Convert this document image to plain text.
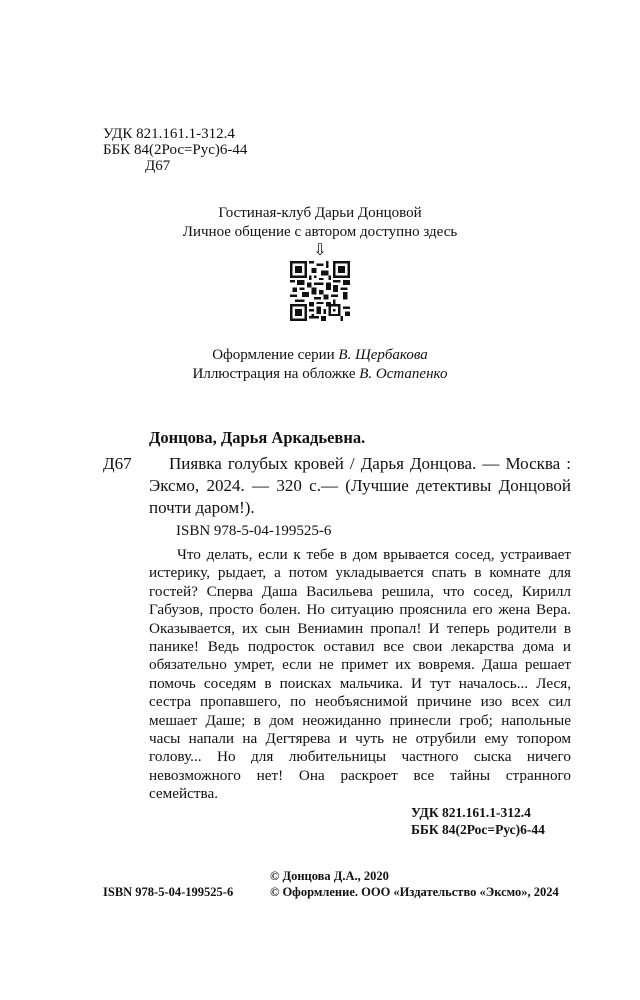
УДК 821.161.1-312.4
ББК 84(2Рос=Рус)6-44
Д67
Гостиная-клуб Дарьи Донцовой
Личное общение с автором доступно здесь
⇩
Оформление серии В. Щербакова
Иллюстрация на обложке В. Остапенко
Донцова, Дарья Аркадьевна.
Д67	Пиявка голубых кровей / Дарья Донцова. — Москва : Эксмо, 2024. — 320 с.— (Лучшие детективы Донцовой почти даром!).
ISBN 978-5-04-199525-6
Что делать, если к тебе в дом врывается сосед, устраивает истерику, рыдает, а потом укладывается спать в комнате для гостей? Сперва Даша Васильева решила, что сосед, Кирилл Габузов, просто болен. Но ситуацию прояснила его жена Вера. Оказывается, их сын Вениамин пропал! И теперь родители в панике! Ведь подросток оставил все свои лекарства дома и обязательно умрет, если не примет их вовремя. Даша решает помочь соседям в поисках мальчика. И тут началось... Леся, сестра пропавшего, по необъяснимой причине изо всех сил мешает Даше; в дом неожиданно принесли гроб; напольные часы напали на Дегтярева и чуть не отрубили ему топором голову... Но для любительницы частного сыска ничего невозможного нет! Она раскроет все тайны странного семейства.
УДК 821.161.1-312.4
ББК 84(2Рос=Рус)6-44
© Донцова Д.А., 2020
ISBN 978-5-04-199525-6	© Оформление. ООО «Издательство «Эксмо», 2024
